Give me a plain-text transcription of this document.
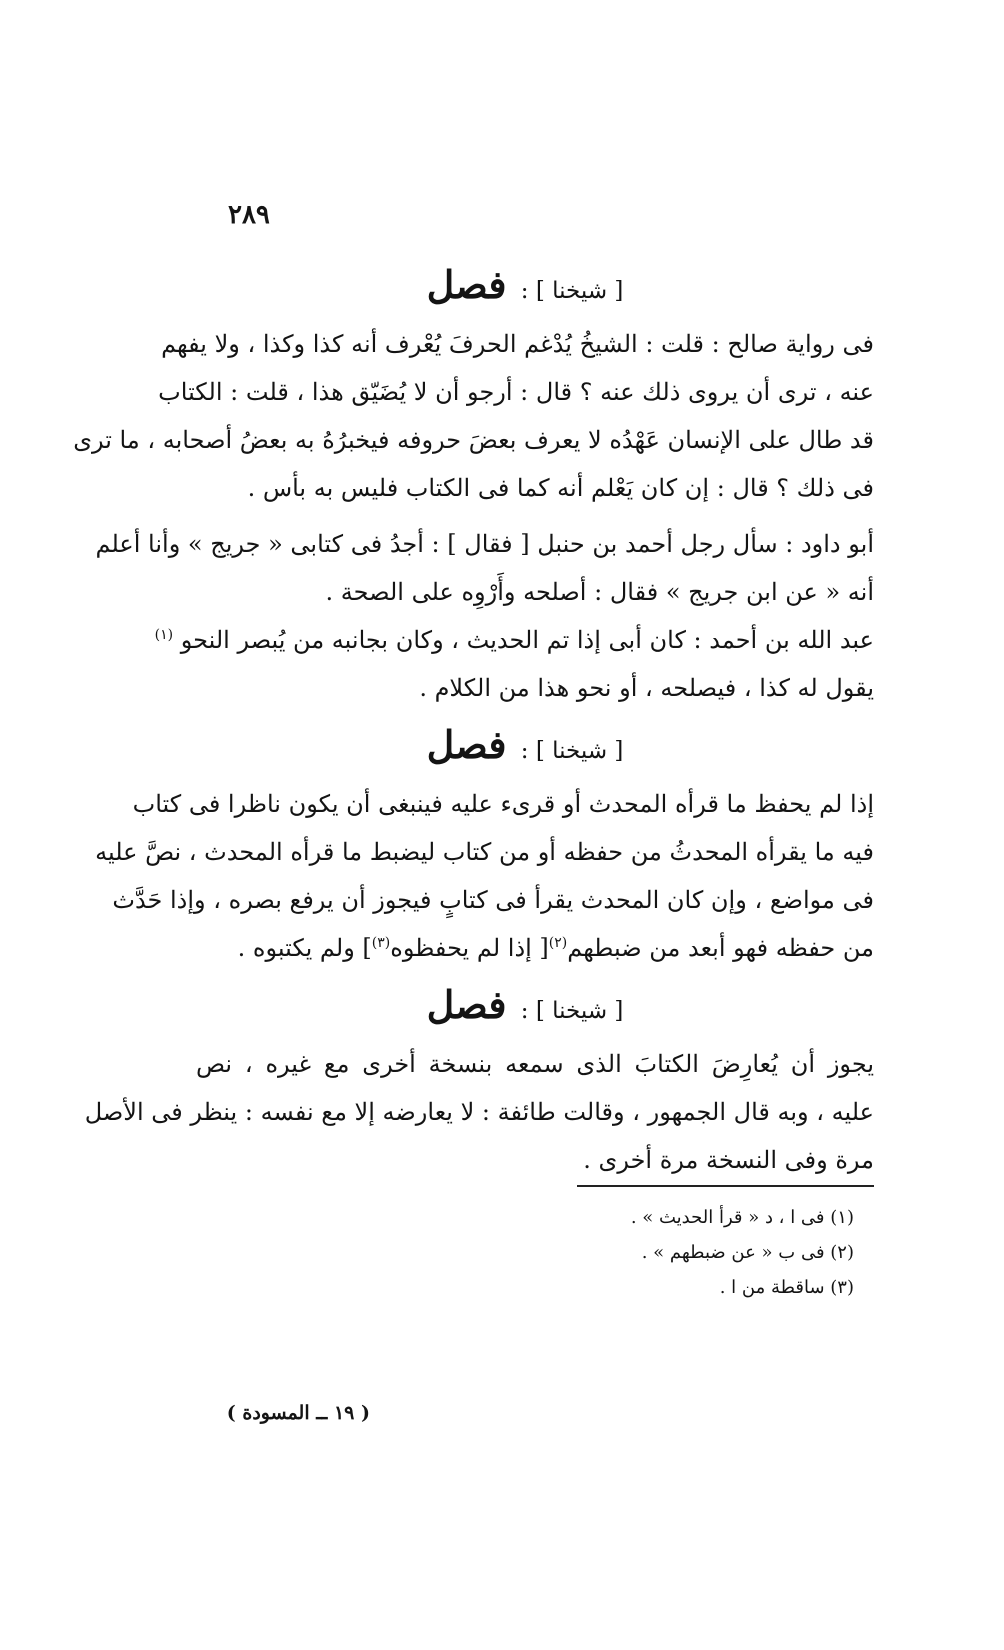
٢٨٩
[ شيخنا ] : فصل
فى رواية صالح : قلت : الشيخُ يُدْغم الحرفَ يُعْرف أنه كذا وكذا ، ولا يفهم
عنه ، ترى أن يروى ذلك عنه ؟ قال : أرجو أن لا يُضَيّق هذا ، قلت : الكتاب
قد طال على الإنسان عَهْدُه لا يعرف بعضَ حروفه فيخبرُهُ به بعضُ أصحابه ، ما ترى
فى ذلك ؟ قال : إن كان يَعْلم أنه كما فى الكتاب فليس به بأس .
أبو داود : سأل رجل أحمد بن حنبل [ فقال ] : أجدُ فى كتابى « جريج » وأنا أعلم
أنه « عن ابن جريج » فقال : أصلحه وأَرْوِه على الصحة .
عبد الله بن أحمد : كان أبى إذا تم الحديث ، وكان بجانبه من يُبصر النحو $^{(١)}$
يقول له كذا ، فيصلحه ، أو نحو هذا من الكلام .
[ شيخنا ] : فصل
إذا لم يحفظ ما قرأه المحدث أو قرىء عليه فينبغى أن يكون ناظرا فى كتاب
فيه ما يقرأه المحدثُ من حفظه أو من كتاب ليضبط ما قرأه المحدث ، نصَّ عليه
فى مواضع ، وإن كان المحدث يقرأ فى كتابٍ فيجوز أن يرفع بصره ، وإذا حَدَّث
من حفظه فهو أبعد من ضبطهم$^{(٢)}$[ إذا لم يحفظوه$^{(٣)}$] ولم يكتبوه .
[ شيخنا ] : فصل
يجوز أن يُعارِضَ الكتابَ الذى سمعه بنسخة أخرى مع غيره ، نص
عليه ، وبه قال الجمهور ، وقالت طائفة : لا يعارضه إلا مع نفسه : ينظر فى الأصل
مرة وفى النسخة مرة أخرى .
(١) فى ا ، د « قرأ الحديث » .
(٢) فى ب « عن ضبطهم » .
(٣) ساقطة من ا .
( ١٩ ــ المسودة )
